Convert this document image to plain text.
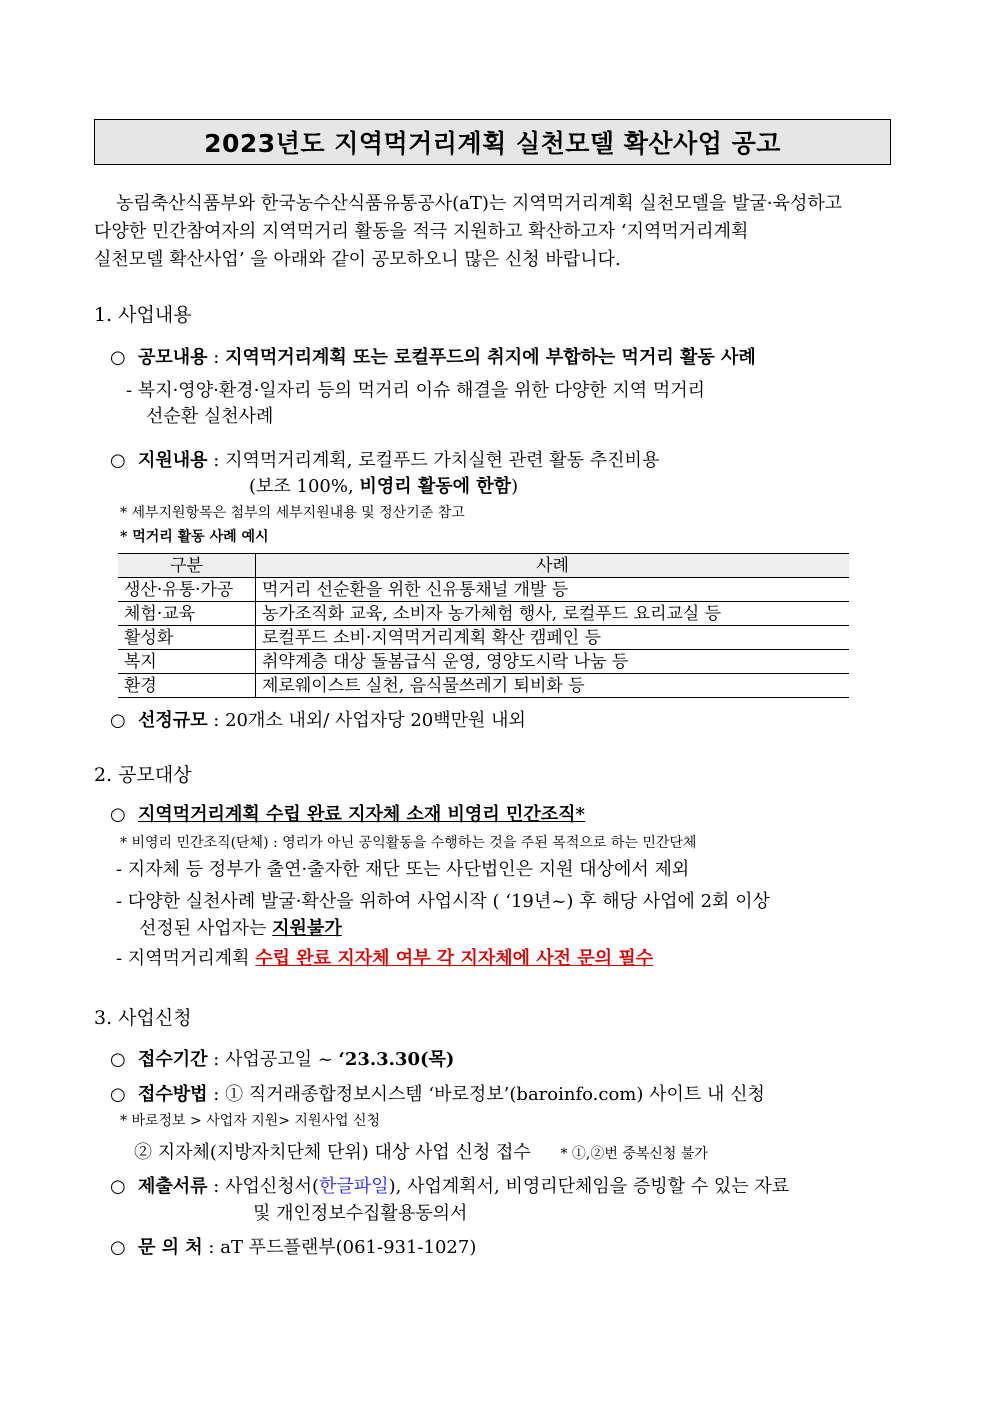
2023년도 지역먹거리계획 실천모델 확산사업 공고
농림축산식품부와 한국농수산식품유통공사(aT)는 지역먹거리계획 실천모델을 발굴·육성하고
다양한 민간참여자의 지역먹거리 활동을 적극 지원하고 확산하고자 ‘지역먹거리계획
실천모델 확산사업’ 을 아래와 같이 공모하오니 많은 신청 바랍니다.
1. 사업내용
○ 공모내용 : 지역먹거리계획 또는 로컬푸드의 취지에 부합하는 먹거리 활동 사례
- 복지·영양·환경·일자리 등의 먹거리 이슈 해결을 위한 다양한 지역 먹거리
선순환 실천사례
○ 지원내용 : 지역먹거리계획, 로컬푸드 가치실현 관련 활동 추진비용
(보조 100%, 비영리 활동에 한함)
* 세부지원항목은 첨부의 세부지원내용 및 정산기준 참고
* 먹거리 활동 사례 예시
구분	사례
생산·유통·가공	먹거리 선순환을 위한 신유통채널 개발 등
체험·교육	농가조직화 교육, 소비자 농가체험 행사, 로컬푸드 요리교실 등
활성화	로컬푸드 소비·지역먹거리계획 확산 캠페인 등
복지	취약계층 대상 돌봄급식 운영, 영양도시락 나눔 등
환경	제로웨이스트 실천, 음식물쓰레기 퇴비화 등
○ 선정규모 : 20개소 내외/ 사업자당 20백만원 내외
2. 공모대상
○ 지역먹거리계획 수립 완료 지자체 소재 비영리 민간조직*
* 비영리 민간조직(단체) : 영리가 아닌 공익활동을 수행하는 것을 주된 목적으로 하는 민간단체
- 지자체 등 정부가 출연·출자한 재단 또는 사단법인은 지원 대상에서 제외
- 다양한 실천사례 발굴·확산을 위하여 사업시작 ( ‘19년~) 후 해당 사업에 2회 이상
선정된 사업자는 지원불가
- 지역먹거리계획 수립 완료 지자체 여부 각 지자체에 사전 문의 필수
3. 사업신청
○ 접수기간 : 사업공고일 ~ ‘23.3.30(목)
○ 접수방법 : ① 직거래종합정보시스템 ‘바로정보’(baroinfo.com) 사이트 내 신청
* 바로정보 > 사업자 지원> 지원사업 신청
② 지자체(지방자치단체 단위) 대상 사업 신청 접수 * ①,②번 중복신청 불가
○ 제출서류 : 사업신청서(한글파일), 사업계획서, 비영리단체임을 증빙할 수 있는 자료
및 개인정보수집활용동의서
○ 문 의 처 : aT 푸드플랜부(061-931-1027)
